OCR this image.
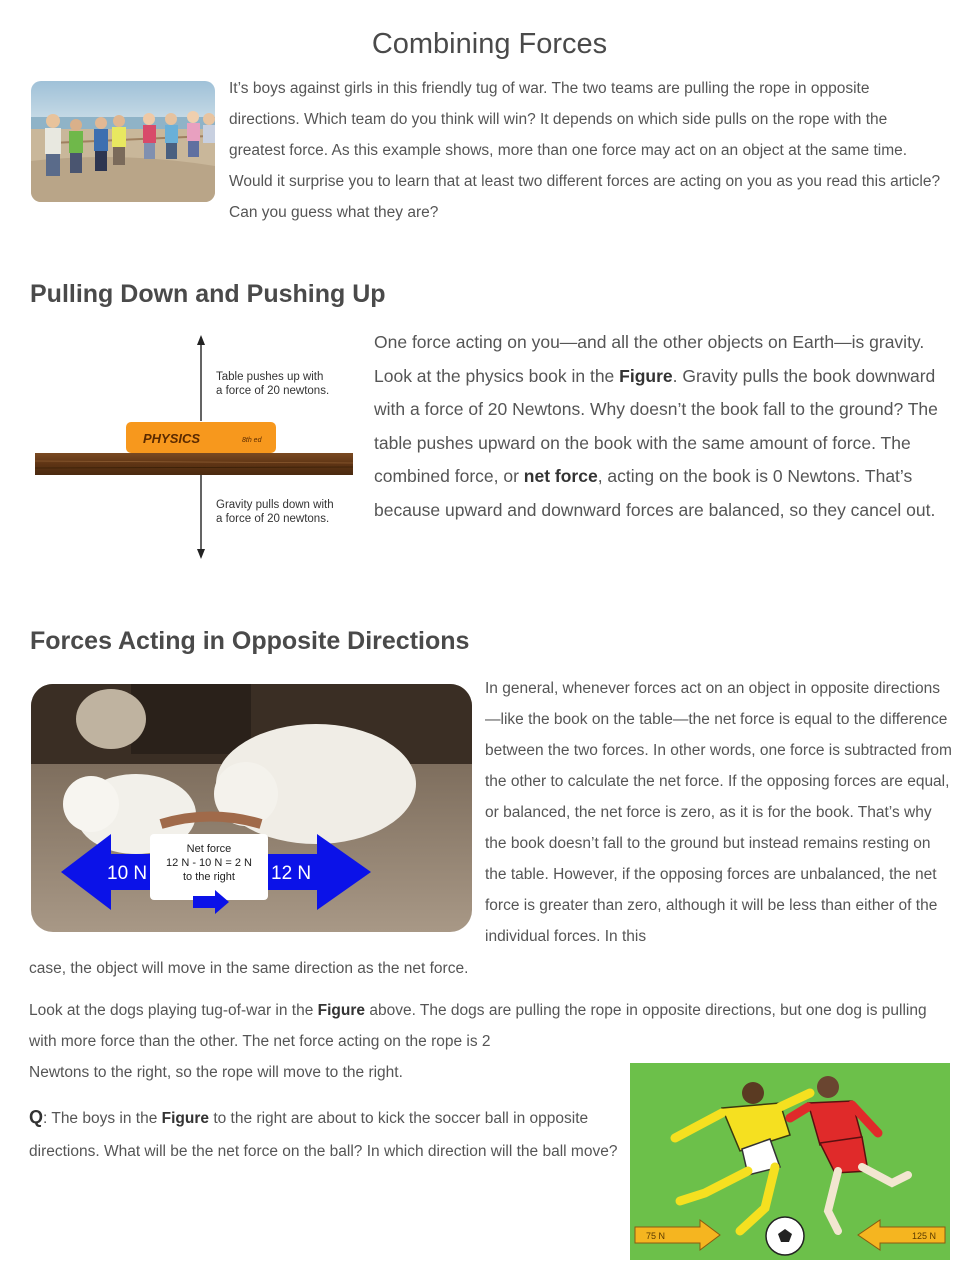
Combining Forces

It’s boys against girls in this friendly tug of war. The two teams are pulling the rope in opposite directions. Which team do you think will win? It depends on which side pulls on the rope with the greatest force. As this example shows, more than one force may act on an object at the same time. Would it surprise you to learn that at least two different forces are acting on you as you read this article? Can you guess what they are?

Pulling Down and Pushing Up
Table pushes up with
a force of 20 newtons.
PHYSICS	8th ed
Gravity pulls down with
a force of 20 newtons.

One force acting on you—and all the other objects on Earth—is gravity. Look at the physics book in the Figure. Gravity pulls the book downward with a force of 20 Newtons. Why doesn’t the book fall to the ground? The table pushes upward on the book with the same amount of force. The combined force, or net force, acting on the book is 0 Newtons. That’s because upward and downward forces are balanced, so they cancel out.

Forces Acting in Opposite Directions
10 N	12 N
Net force
12 N - 10 N = 2 N
to the right

In general, whenever forces act on an object in opposite directions—like the book on the table—the net force is equal to the difference between the two forces. In other words, one force is subtracted from the other to calculate the net force. If the opposing forces are equal, or balanced, the net force is zero, as it is for the book. That’s why the book doesn’t fall to the ground but instead remains resting on the table. However, if the opposing forces are unbalanced, the net force is greater than zero, although it will be less than either of the individual forces. In this

case, the object will move in the same direction as the net force.

Look at the dogs playing tug-of-war in the Figure above. The dogs are pulling the rope in opposite directions, but one dog is pulling with more force than the other. The net force acting on the rope is 2
Newtons to the right, so the rope will move to the right.

Q: The boys in the Figure to the right are about to kick the soccer ball in opposite directions. What will be the net force on the ball? In which direction will the ball move?

75 N	125 N
